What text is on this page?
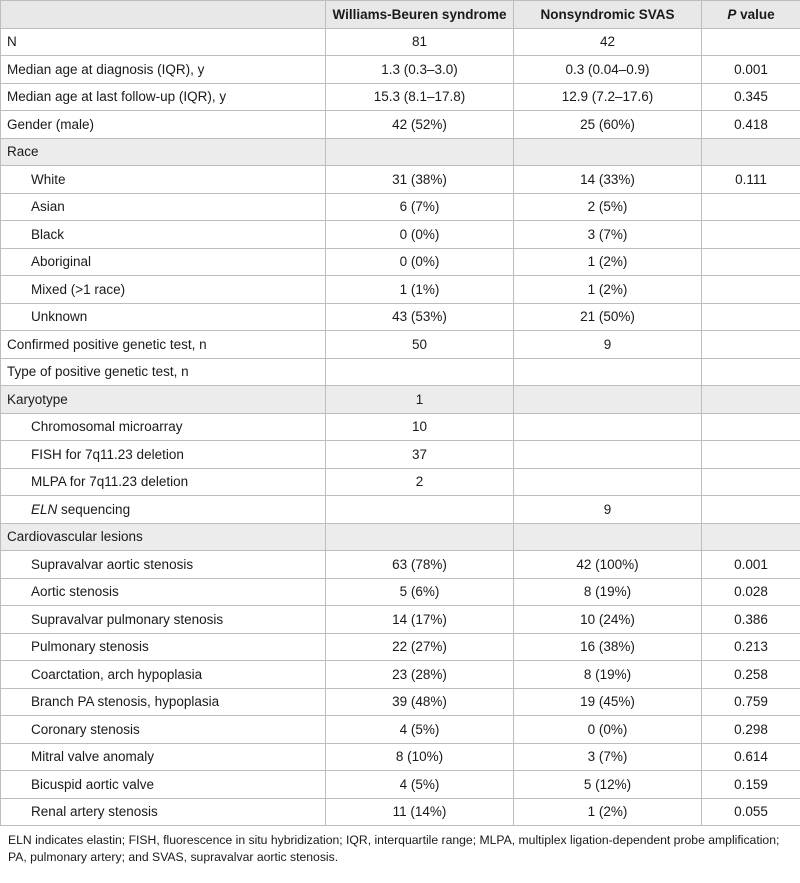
	Williams-Beuren syndrome	Nonsyndromic SVAS	P value
N	81	42	
Median age at diagnosis (IQR), y	1.3 (0.3–3.0)	0.3 (0.04–0.9)	0.001
Median age at last follow-up (IQR), y	15.3 (8.1–17.8)	12.9 (7.2–17.6)	0.345
Gender (male)	42 (52%)	25 (60%)	0.418
Race			
White	31 (38%)	14 (33%)	0.111
Asian	6 (7%)	2 (5%)	
Black	0 (0%)	3 (7%)	
Aboriginal	0 (0%)	1 (2%)	
Mixed (>1 race)	1 (1%)	1 (2%)	
Unknown	43 (53%)	21 (50%)	
Confirmed positive genetic test, n	50	9	
Type of positive genetic test, n			
Karyotype	1		
Chromosomal microarray	10		
FISH for 7q11.23 deletion	37		
MLPA for 7q11.23 deletion	2		
ELN sequencing		9	
Cardiovascular lesions			
Supravalvar aortic stenosis	63 (78%)	42 (100%)	0.001
Aortic stenosis	5 (6%)	8 (19%)	0.028
Supravalvar pulmonary stenosis	14 (17%)	10 (24%)	0.386
Pulmonary stenosis	22 (27%)	16 (38%)	0.213
Coarctation, arch hypoplasia	23 (28%)	8 (19%)	0.258
Branch PA stenosis, hypoplasia	39 (48%)	19 (45%)	0.759
Coronary stenosis	4 (5%)	0 (0%)	0.298
Mitral valve anomaly	8 (10%)	3 (7%)	0.614
Bicuspid aortic valve	4 (5%)	5 (12%)	0.159
Renal artery stenosis	11 (14%)	1 (2%)	0.055
ELN indicates elastin; FISH, fluorescence in situ hybridization; IQR, interquartile range; MLPA, multiplex ligation-dependent probe amplification; PA, pulmonary artery; and SVAS, supravalvar aortic stenosis.
